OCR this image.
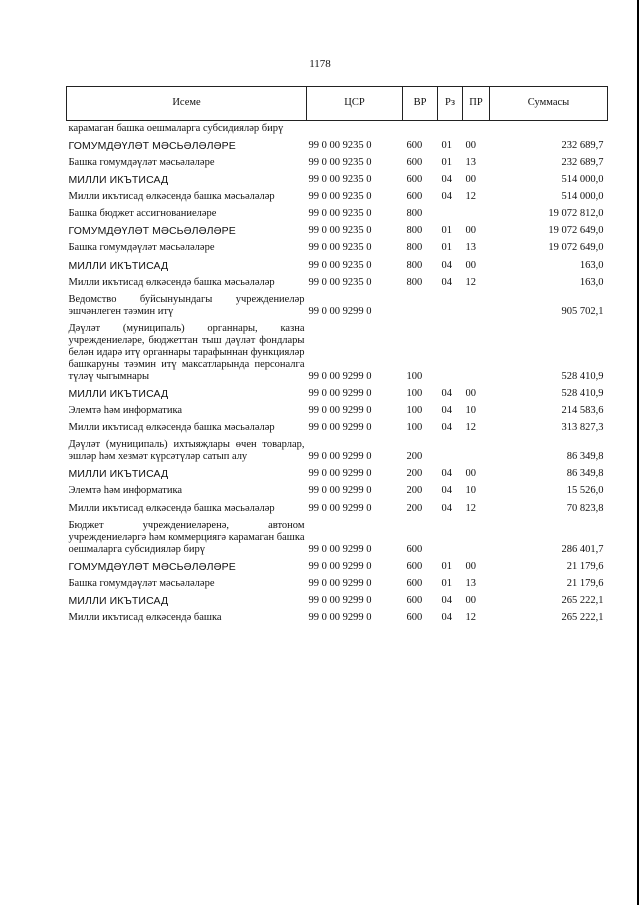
1178
Исеме	ЦСР	ВР	Рз	ПР	Суммасы
карамаган башка оешмаларга субсидияләр бирү					
ГОМУМДӘҮЛӘТ МӘСЬӘЛӘЛӘРЕ	99 0 00 9235 0	600	01	00	232 689,7
Башка гомумдәүләт мәсьәләләре	99 0 00 9235 0	600	01	13	232 689,7
МИЛЛИ ИКЪТИСАД	99 0 00 9235 0	600	04	00	514 000,0
Милли икътисад өлкәсендә башка мәсьәләләр	99 0 00 9235 0	600	04	12	514 000,0
Башка бюджет ассигнованиеләре	99 0 00 9235 0	800			19 072 812,0
ГОМУМДӘҮЛӘТ МӘСЬӘЛӘЛӘРЕ	99 0 00 9235 0	800	01	00	19 072 649,0
Башка гомумдәүләт мәсьәләләре	99 0 00 9235 0	800	01	13	19 072 649,0
МИЛЛИ ИКЪТИСАД	99 0 00 9235 0	800	04	00	163,0
Милли икътисад өлкәсендә башка мәсьәләләр	99 0 00 9235 0	800	04	12	163,0
Ведомство буйсынуындагы учреждениеләр эшчәнлеген тәэмин итү	99 0 00 9299 0				905 702,1
Дәүләт (муниципаль) органнары, казна учреждениеләре, бюджеттан тыш дәүләт фондлары белән идарә итү органнары тарафыннан функцияләр башкаруны тәэмин итү максатларында персоналга түләү чыгымнары	99 0 00 9299 0	100			528 410,9
МИЛЛИ ИКЪТИСАД	99 0 00 9299 0	100	04	00	528 410,9
Элемтә һәм информатика	99 0 00 9299 0	100	04	10	214 583,6
Милли икътисад өлкәсендә башка мәсьәләләр	99 0 00 9299 0	100	04	12	313 827,3
Дәүләт (муниципаль) ихтыяҗлары өчен товарлар, эшләр һәм хезмәт күрсәтүләр сатып алу	99 0 00 9299 0	200			86 349,8
МИЛЛИ ИКЪТИСАД	99 0 00 9299 0	200	04	00	86 349,8
Элемтә һәм информатика	99 0 00 9299 0	200	04	10	15 526,0
Милли икътисад өлкәсендә башка мәсьәләләр	99 0 00 9299 0	200	04	12	70 823,8
Бюджет учреждениеләренә, автоном учреждениеләргә һәм коммерциягә карамаган башка оешмаларга субсидияләр бирү	99 0 00 9299 0	600			286 401,7
ГОМУМДӘҮЛӘТ МӘСЬӘЛӘЛӘРЕ	99 0 00 9299 0	600	01	00	21 179,6
Башка гомумдәүләт мәсьәләләре	99 0 00 9299 0	600	01	13	21 179,6
МИЛЛИ ИКЪТИСАД	99 0 00 9299 0	600	04	00	265 222,1
Милли икътисад өлкәсендә башка	99 0 00 9299 0	600	04	12	265 222,1
